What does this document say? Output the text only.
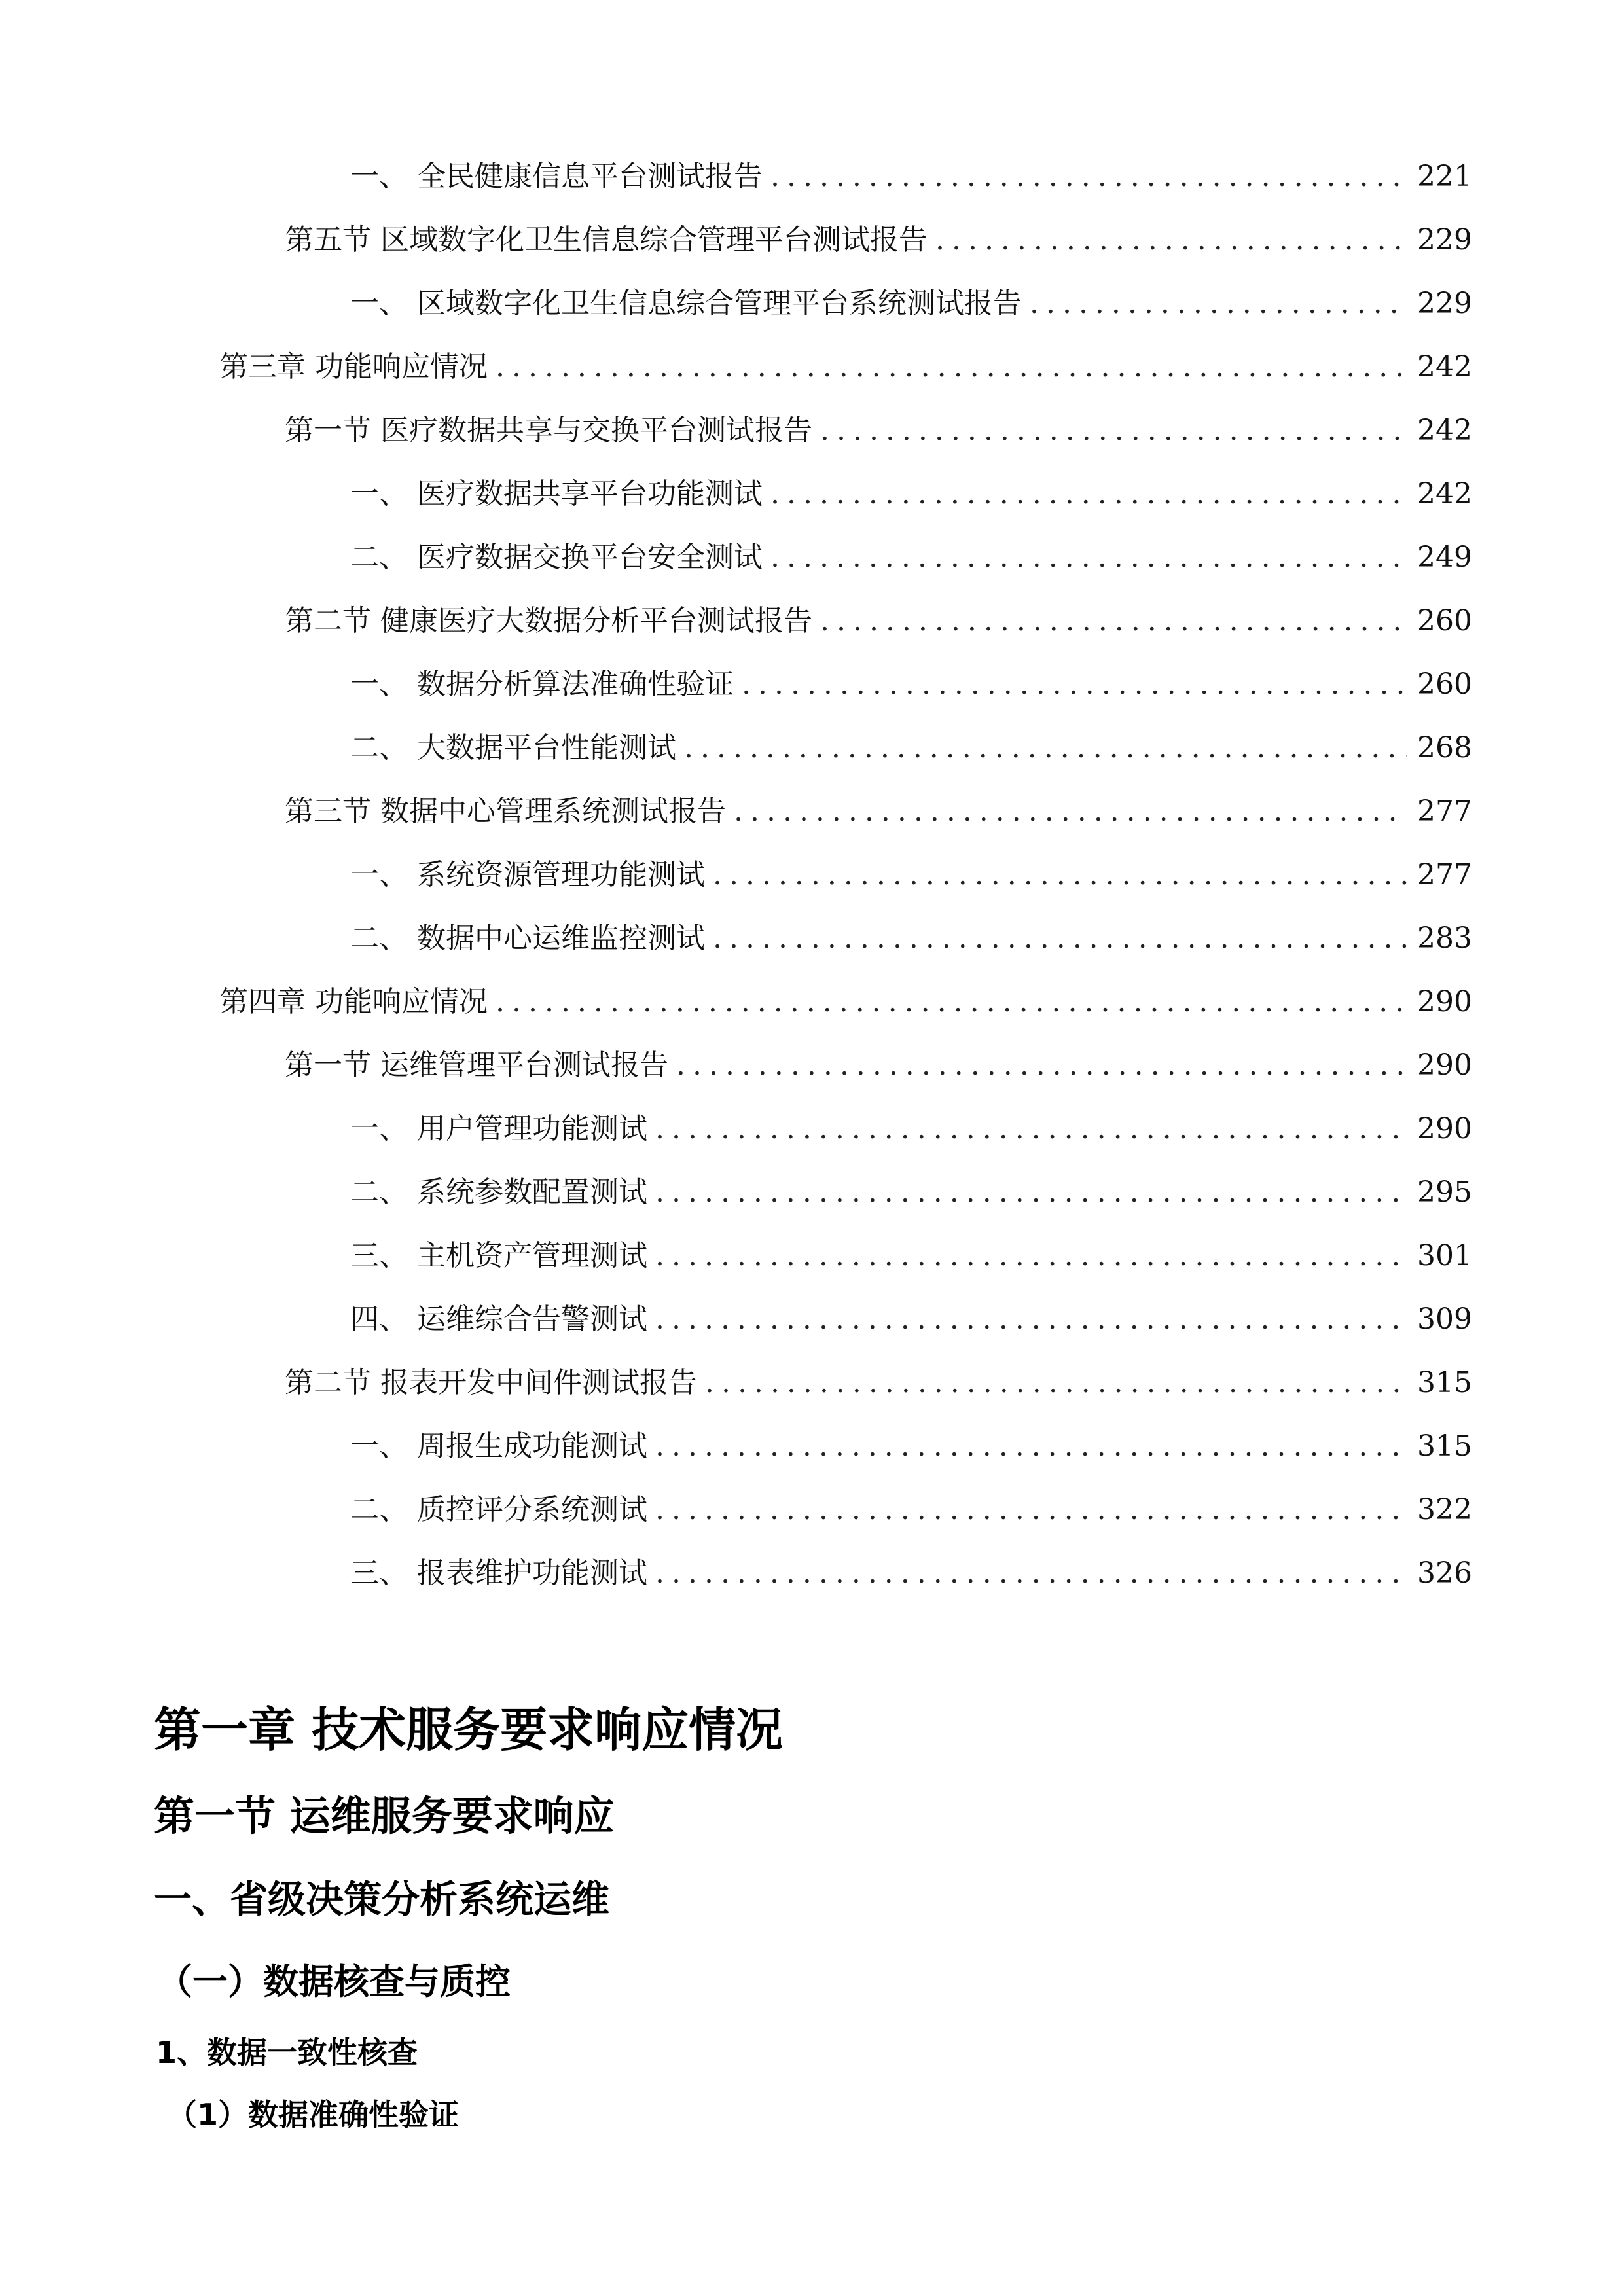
一、 全民健康信息平台测试报告 .....	221
第五节 区域数字化卫生信息综合管理平台测试报告 .....	229
一、 区域数字化卫生信息综合管理平台系统测试报告 .....	229
第三章 功能响应情况 .....	242
第一节 医疗数据共享与交换平台测试报告 .....	242
一、 医疗数据共享平台功能测试 .....	242
二、 医疗数据交换平台安全测试 .....	249
第二节 健康医疗大数据分析平台测试报告 .....	260
一、 数据分析算法准确性验证 .....	260
二、 大数据平台性能测试 .....	268
第三节 数据中心管理系统测试报告 .....	277
一、 系统资源管理功能测试 .....	277
二、 数据中心运维监控测试 .....	283
第四章 功能响应情况 .....	290
第一节 运维管理平台测试报告 .....	290
一、 用户管理功能测试 .....	290
二、 系统参数配置测试 .....	295
三、 主机资产管理测试 .....	301
四、 运维综合告警测试 .....	309
第二节 报表开发中间件测试报告 .....	315
一、 周报生成功能测试 .....	315
二、 质控评分系统测试 .....	322
三、 报表维护功能测试 .....	326
第一章 技术服务要求响应情况
第一节 运维服务要求响应
一、省级决策分析系统运维
（一）数据核查与质控
1、数据一致性核查
（1）数据准确性验证
